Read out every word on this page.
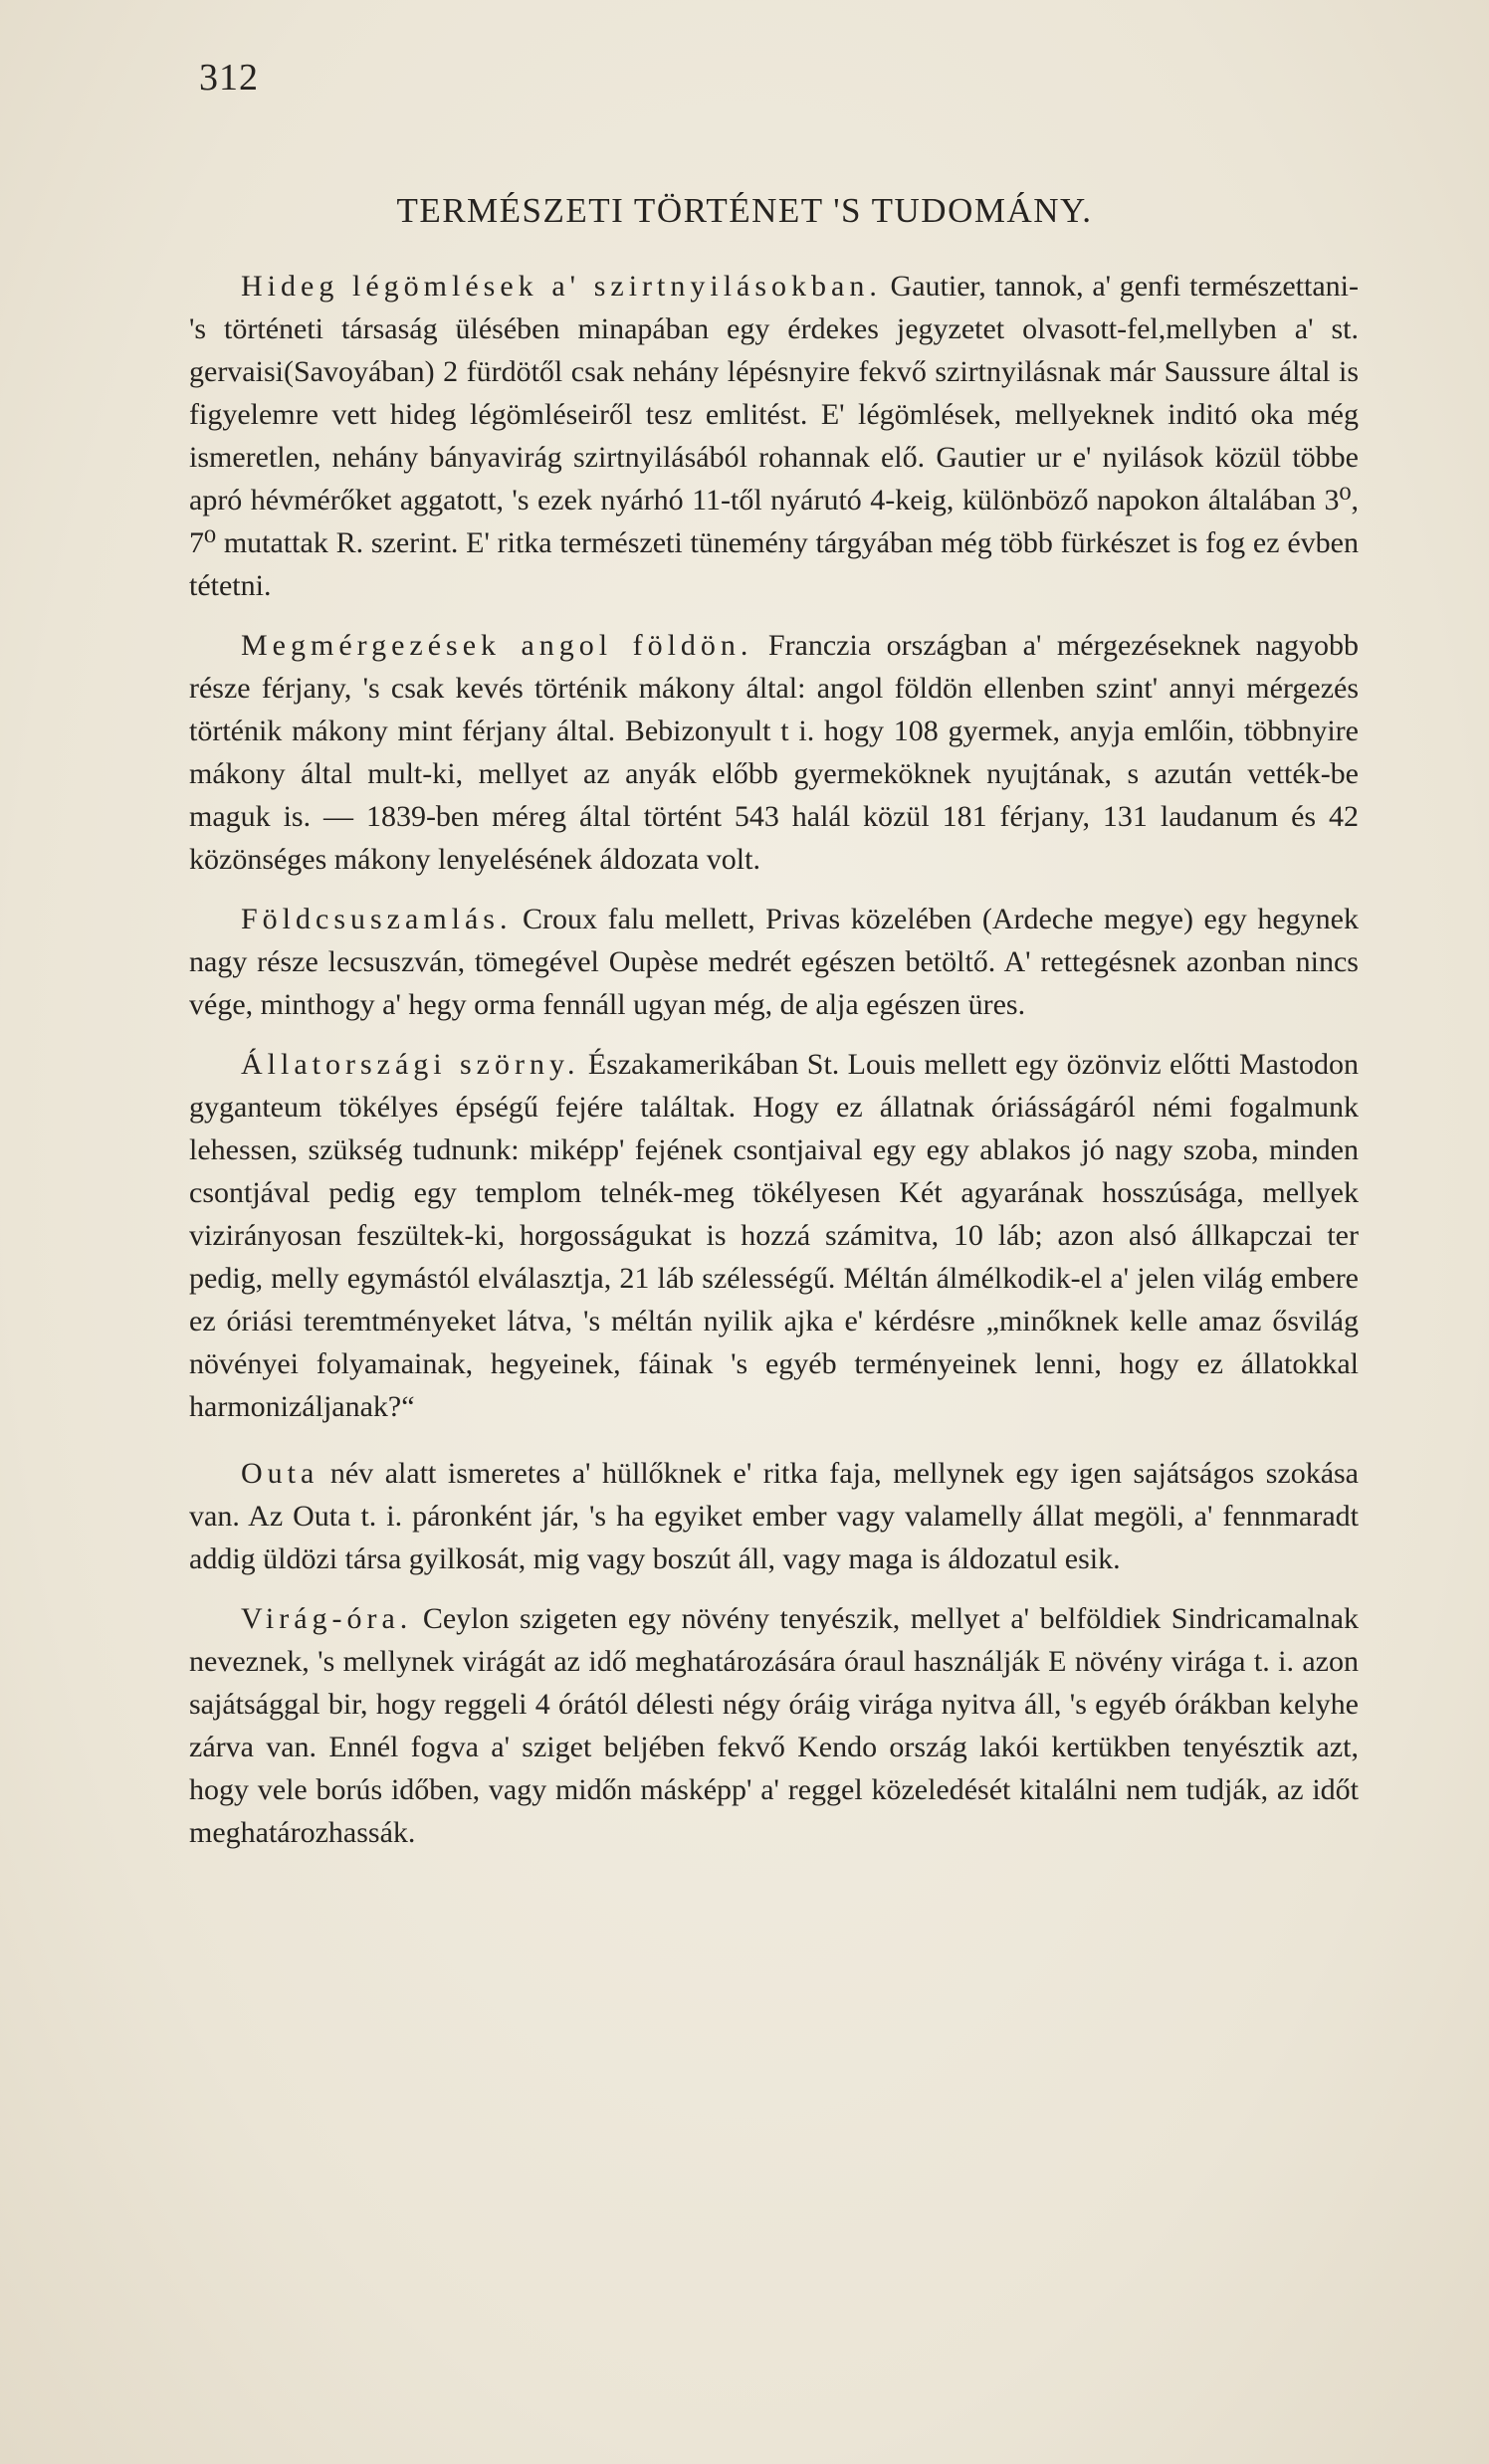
312
TERMÉSZETI TÖRTÉNET 'S TUDOMÁNY.

Hideg légömlések a' szirtnyilásokban. Gautier, tannok, a' genfi természettani- 's történeti társaság ülésében minapában egy érdekes jegyzetet olvasott-fel,mellyben a' st. gervaisi(Savoyában) 2 fürdötől csak nehány lépésnyire fekvő szirtnyilásnak már Saussure által is figyelemre vett hideg légömléseiről tesz emlitést. E' légömlések, mellyeknek inditó oka még ismeretlen, nehány bányavirág szirtnyilásából rohannak elő. Gautier ur e' nyilások közül többe apró hévmérőket aggatott, 's ezek nyárhó 11-től nyárutó 4-keig, különböző napokon általában 3⁰, 7⁰ mutattak R. szerint. E' ritka természeti tünemény tárgyában még több fürkészet is fog ez évben tétetni.

Megmérgezések angol földön. Franczia országban a' mérgezéseknek nagyobb része férjany, 's csak kevés történik mákony által: angol földön ellenben szint' annyi mérgezés történik mákony mint férjany által. Bebizonyult t i. hogy 108 gyermek, anyja emlőin, többnyire mákony által mult-ki, mellyet az anyák előbb gyermeköknek nyujtának, s azután vették-be maguk is. — 1839-ben méreg által történt 543 halál közül 181 férjany, 131 laudanum és 42 közönséges mákony lenyelésének áldozata volt.

Földcsuszamlás. Croux falu mellett, Privas közelében (Ardeche megye) egy hegynek nagy része lecsuszván, tömegével Oupèse medrét egészen betöltő. A' rettegésnek azonban nincs vége, minthogy a' hegy orma fennáll ugyan még, de alja egészen üres.

Állatországi szörny. Északamerikában St. Louis mellett egy özönviz előtti Mastodon gyganteum tökélyes épségű fejére találtak. Hogy ez állatnak óriásságáról némi fogalmunk lehessen, szükség tudnunk: miképp' fejének csontjaival egy egy ablakos jó nagy szoba, minden csontjával pedig egy templom telnék-meg tökélyesen Két agyarának hosszúsága, mellyek vizirányosan feszültek-ki, horgosságukat is hozzá számitva, 10 láb; azon alsó állkapczai ter pedig, melly egymástól elválasztja, 21 láb szélességű. Méltán álmélkodik-el a' jelen világ embere ez óriási teremtményeket látva, 's méltán nyilik ajka e' kérdésre „minőknek kelle amaz ősvilág növényei folyamainak, hegyeinek, fáinak 's egyéb terményeinek lenni, hogy ez állatokkal harmonizáljanak?“

Outa név alatt ismeretes a' hüllőknek e' ritka faja, mellynek egy igen sajátságos szokása van. Az Outa t. i. páronként jár, 's ha egyiket ember vagy valamelly állat megöli, a' fennmaradt addig üldözi társa gyilkosát, mig vagy boszút áll, vagy maga is áldozatul esik.

Virág-óra. Ceylon szigeten egy növény tenyészik, mellyet a' belföldiek Sindricamalnak neveznek, 's mellynek virágát az idő meghatározására óraul használják E növény virága t. i. azon sajátsággal bir, hogy reggeli 4 órától délesti négy óráig virága nyitva áll, 's egyéb órákban kelyhe zárva van. Ennél fogva a' sziget beljében fekvő Kendo ország lakói kertükben tenyésztik azt, hogy vele borús időben, vagy midőn másképp' a' reggel közeledését kitalálni nem tudják, az időt meghatározhassák.
